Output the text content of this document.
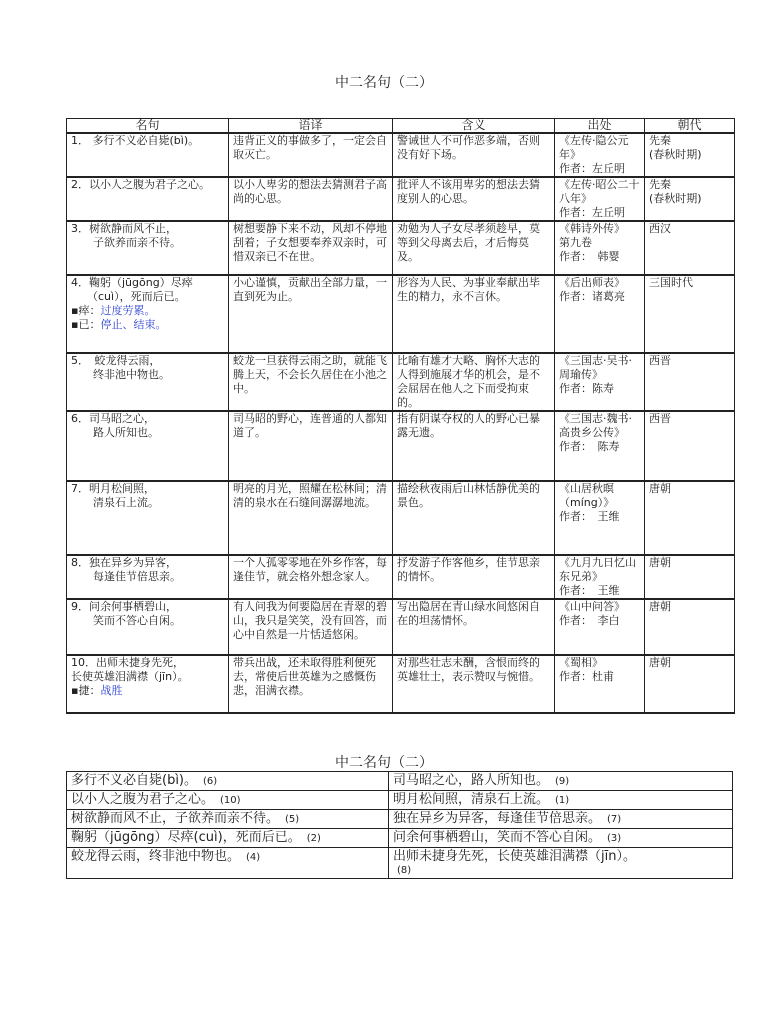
中二名句（二）
名句	语译	含义	出处	朝代

1． 多行不义必自毙(bì)。	违背正义的事做多了，一定会自取灭亡。	警诫世人不可作恶多端，否则没有好下场。	《左传·隐公元年》
作者：左丘明	先秦
(春秋时期)

2．以小人之腹为君子之心。	以小人卑劣的想法去猜测君子高尚的心思。	批评人不该用卑劣的想法去猜度别人的心思。	《左传·昭公二十八年》
作者：左丘明	先秦
(春秋时期)

3．树欲静而风不止，
子欲养而亲不待。	树想要静下来不动，风却不停地刮着；子女想要奉养双亲时，可惜双亲已不在世。	劝勉为人子女尽孝须趁早，莫等到父母离去后，才后悔莫及。	《韩诗外传》
第九卷
作者：　韩婴	西汉

4．鞠躬（jūgōng）尽瘁
（cuì），死而后已。
▪瘁：过度劳累。
▪已：停止、结束。	小心谨慎，贡献出全部力量，一直到死为止。	形容为人民、为事业奉献出毕生的精力，永不言休。	《后出师表》
作者：诸葛亮	三国时代

5．　蛟龙得云雨，
终非池中物也。	蛟龙一旦获得云雨之助，就能飞腾上天，不会长久居住在小池之中。	比喻有雄才大略、胸怀大志的人得到施展才华的机会，是不会屈居在他人之下而受拘束的。	《三国志·吴书·周瑜传》
作者：陈寿	西晋

6．司马昭之心，
路人所知也。	司马昭的野心，连普通的人都知道了。	指有阴谋夺权的人的野心已暴露无遗。	《三国志·魏书·高贵乡公传》
作者：　陈寿	西晋

7．明月松间照，
清泉石上流。	明亮的月光，照耀在松林间；清清的泉水在石缝间潺潺地流。	描绘秋夜雨后山林恬静优美的景色。	《山居秋暝（míng）》
作者：　王维	唐朝

8．独在异乡为异客，
每逢佳节倍思亲。	一个人孤零零地在外乡作客，每逢佳节，就会格外想念家人。	抒发游子作客他乡，佳节思亲的情怀。	《九月九日忆山东兄弟》
作者：　王维	唐朝

9．问余何事栖碧山，
笑而不答心自闲。	有人问我为何要隐居在青翠的碧山，我只是笑笑，没有回答，而心中自然是一片恬适悠闲。	写出隐居在青山绿水间悠闲自在的坦荡情怀。	《山中问答》
作者：　李白	唐朝

10．出师未捷身先死，
长使英雄泪满襟（jīn）。
▪捷：战胜	带兵出战，还未取得胜利便死去，常使后世英雄为之感慨伤悲，泪满衣襟。	对那些壮志未酬，含恨而终的英雄壮士，表示赞叹与惋惜。	《蜀相》
作者：杜甫	唐朝
中二名句（二）
多行不义必自毙(bì)。 (6)	司马昭之心，路人所知也。 (9)
以小人之腹为君子之心。 (10)	明月松间照，清泉石上流。 (1)
树欲静而风不止，子欲养而亲不待。 (5)	独在异乡为异客，每逢佳节倍思亲。 (7)
鞠躬（jūgōng）尽瘁(cuì)，死而后已。 (2)	问余何事栖碧山，笑而不答心自闲。 (3)
蛟龙得云雨，终非池中物也。 (4)	出师未捷身先死，长使英雄泪满襟（jīn）。
(8)
